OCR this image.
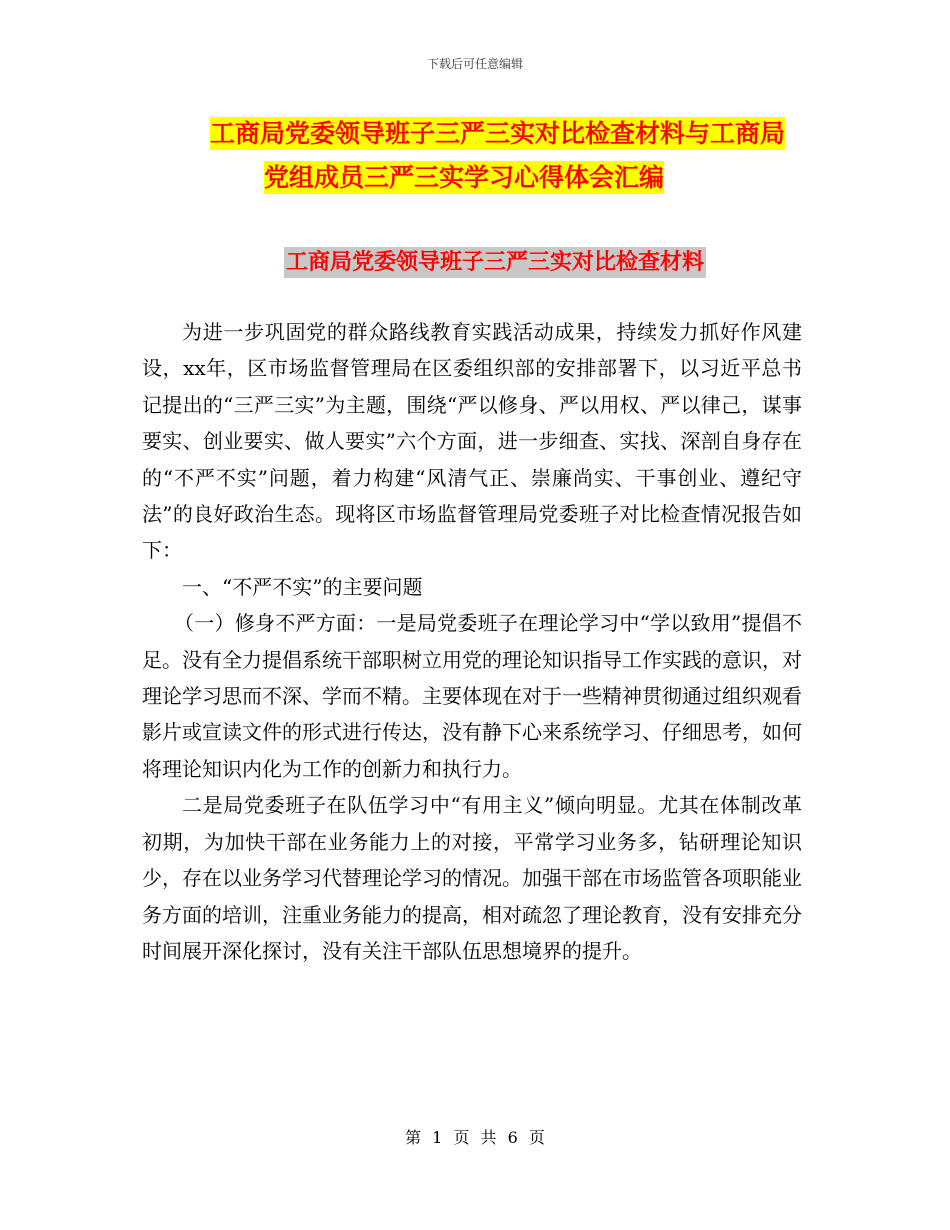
下载后可任意编辑
工商局党委领导班子三严三实对比检查材料与工商局
党组成员三严三实学习心得体会汇编
工商局党委领导班子三严三实对比检查材料

为进一步巩固党的群众路线教育实践活动成果，持续发力抓好作风建设，xx年，区市场监督管理局在区委组织部的安排部署下，以习近平总书记提出的“三严三实”为主题，围绕“严以修身、严以用权、严以律己，谋事要实、创业要实、做人要实”六个方面，进一步细查、实找、深剖自身存在的“不严不实”问题，着力构建“风清气正、崇廉尚实、干事创业、遵纪守法”的良好政治生态。现将区市场监督管理局党委班子对比检查情况报告如下：

一、“不严不实”的主要问题

（一）修身不严方面：一是局党委班子在理论学习中“学以致用”提倡不足。没有全力提倡系统干部职树立用党的理论知识指导工作实践的意识，对理论学习思而不深、学而不精。主要体现在对于一些精神贯彻通过组织观看影片或宣读文件的形式进行传达，没有静下心来系统学习、仔细思考，如何将理论知识内化为工作的创新力和执行力。

二是局党委班子在队伍学习中“有用主义”倾向明显。尤其在体制改革初期，为加快干部在业务能力上的对接，平常学习业务多，钻研理论知识少，存在以业务学习代替理论学习的情况。加强干部在市场监管各项职能业务方面的培训，注重业务能力的提高，相对疏忽了理论教育，没有安排充分时间展开深化探讨，没有关注干部队伍思想境界的提升。

第 1 页 共 6 页
